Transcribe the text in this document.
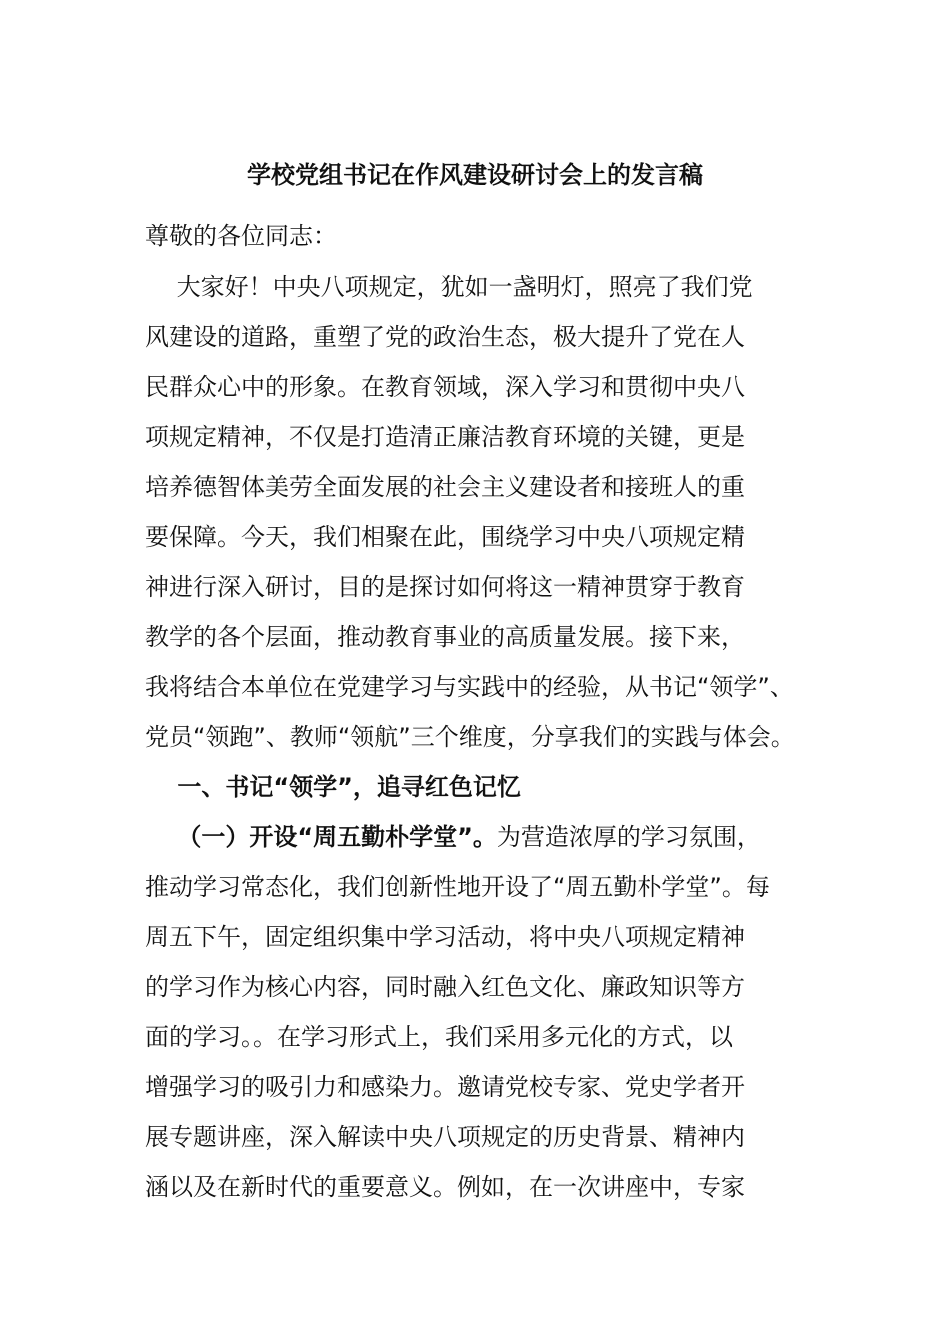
学校党组书记在作风建设研讨会上的发言稿

尊敬的各位同志：

　 大家好！中央八项规定，犹如一盏明灯，照亮了我们党

风建设的道路，重塑了党的政治生态，极大提升了党在人

民群众心中的形象。在教育领域，深入学习和贯彻中央八

项规定精神，不仅是打造清正廉洁教育环境的关键，更是

培养德智体美劳全面发展的社会主义建设者和接班人的重

要保障。今天，我们相聚在此，围绕学习中央八项规定精

神进行深入研讨，目的是探讨如何将这一精神贯穿于教育

教学的各个层面，推动教育事业的高质量发展。接下来，

我将结合本单位在党建学习与实践中的经验，从书记“领学”、

党员“领跑”、教师“领航”三个维度，分享我们的实践与体会。

　 一、书记“领学”，追寻红色记忆

　 （一）开设“周五勤朴学堂”。为营造浓厚的学习氛围，

推动学习常态化，我们创新性地开设了“周五勤朴学堂”。每

周五下午，固定组织集中学习活动，将中央八项规定精神

的学习作为核心内容，同时融入红色文化、廉政知识等方

面的学习。。在学习形式上，我们采用多元化的方式，以

增强学习的吸引力和感染力。邀请党校专家、党史学者开

展专题讲座，深入解读中央八项规定的历史背景、精神内

涵以及在新时代的重要意义。例如，在一次讲座中，专家
